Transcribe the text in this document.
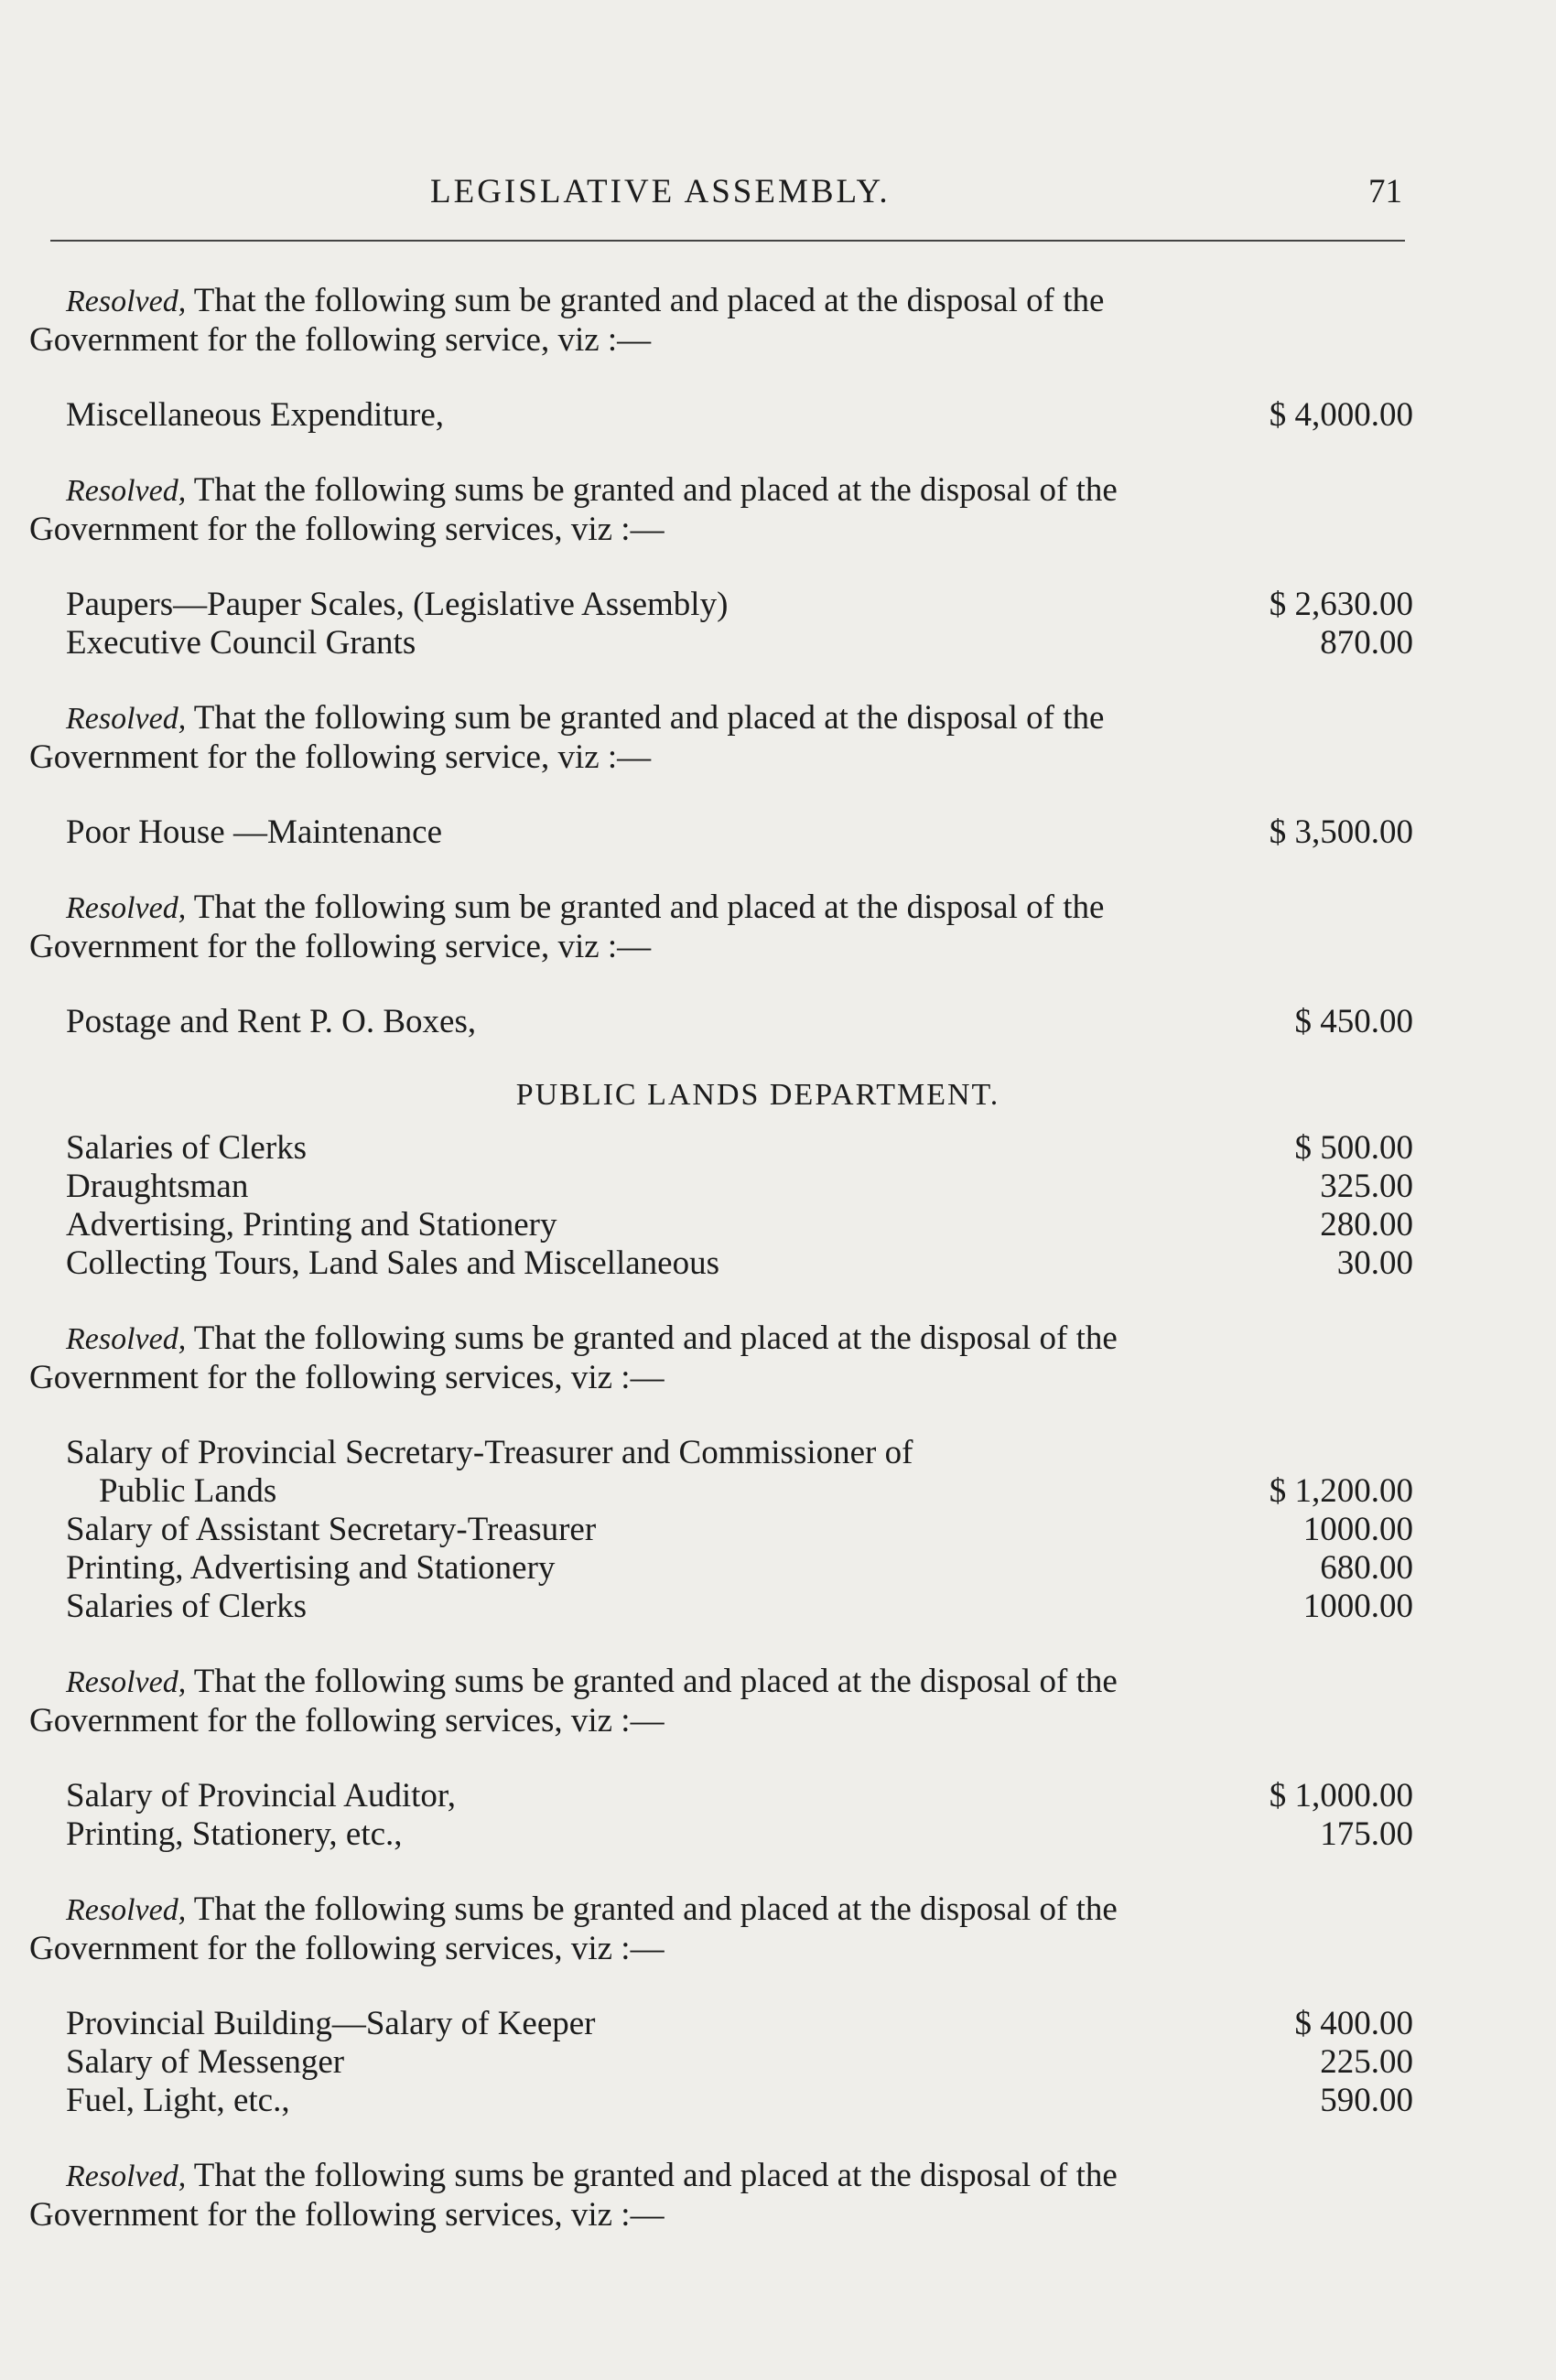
LEGISLATIVE ASSEMBLY.	71
Resolved, That the following sum be granted and placed at the disposal of the Government for the following service, viz :—
Miscellaneous Expenditure,	$ 4,000.00
Resolved, That the following sums be granted and placed at the disposal of the Government for the following services, viz :—
Paupers—Pauper Scales, (Legislative Assembly)	$ 2,630.00
Executive Council Grants	870.00
Resolved, That the following sum be granted and placed at the disposal of the Government for the following service, viz :—
Poor House —Maintenance	$ 3,500.00
Resolved, That the following sum be granted and placed at the disposal of the Government for the following service, viz :—
Postage and Rent P. O. Boxes,	$ 450.00
PUBLIC LANDS DEPARTMENT.
Salaries of Clerks	$ 500.00
Draughtsman	325.00
Advertising, Printing and Stationery	280.00
Collecting Tours, Land Sales and Miscellaneous	30.00
Resolved, That the following sums be granted and placed at the disposal of the Government for the following services, viz :—
Salary of Provincial Secretary-Treasurer and Commissioner of
Public Lands	$ 1,200.00
Salary of Assistant Secretary-Treasurer	1000.00
Printing, Advertising and Stationery	680.00
Salaries of Clerks	1000.00
Resolved, That the following sums be granted and placed at the disposal of the Government for the following services, viz :—
Salary of Provincial Auditor,	$ 1,000.00
Printing, Stationery, etc.,	175.00
Resolved, That the following sums be granted and placed at the disposal of the Government for the following services, viz :—
Provincial Building—Salary of Keeper	$ 400.00
Salary of Messenger	225.00
Fuel, Light, etc.,	590.00
Resolved, That the following sums be granted and placed at the disposal of the Government for the following services, viz :—
